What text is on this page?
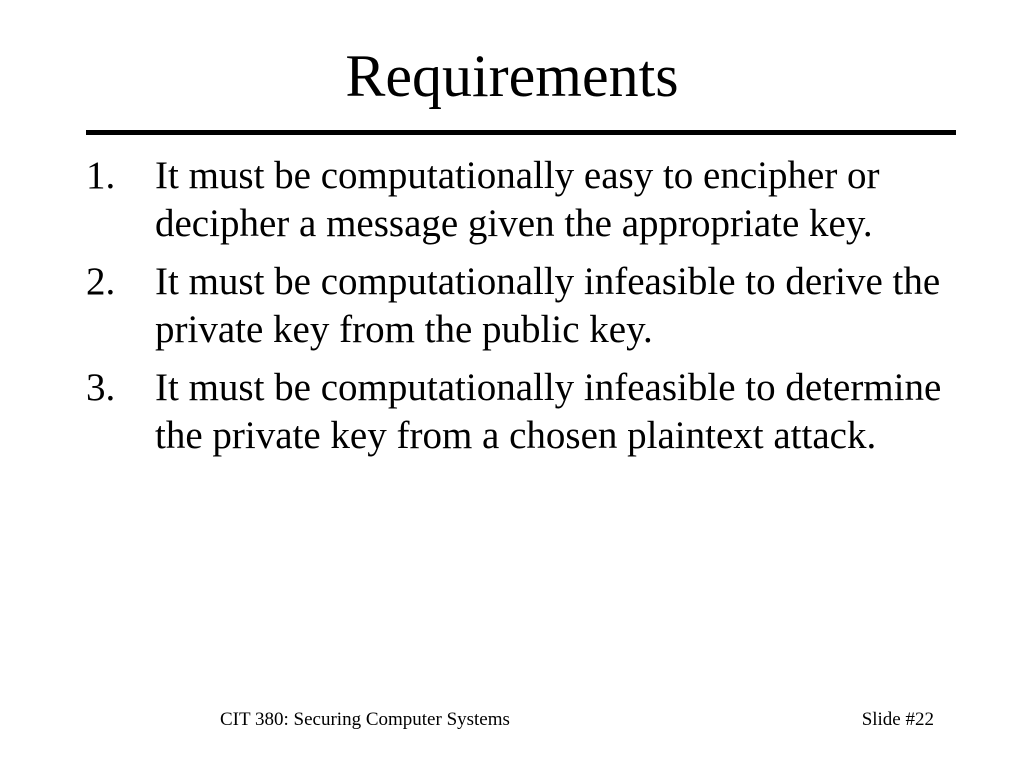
Requirements
1. It must be computationally easy to encipher or decipher a message given the appropriate key.
2. It must be computationally infeasible to derive the private key from the public key.
3. It must be computationally infeasible to determine the private key from a chosen plaintext attack.
CIT 380: Securing Computer Systems	Slide #22
